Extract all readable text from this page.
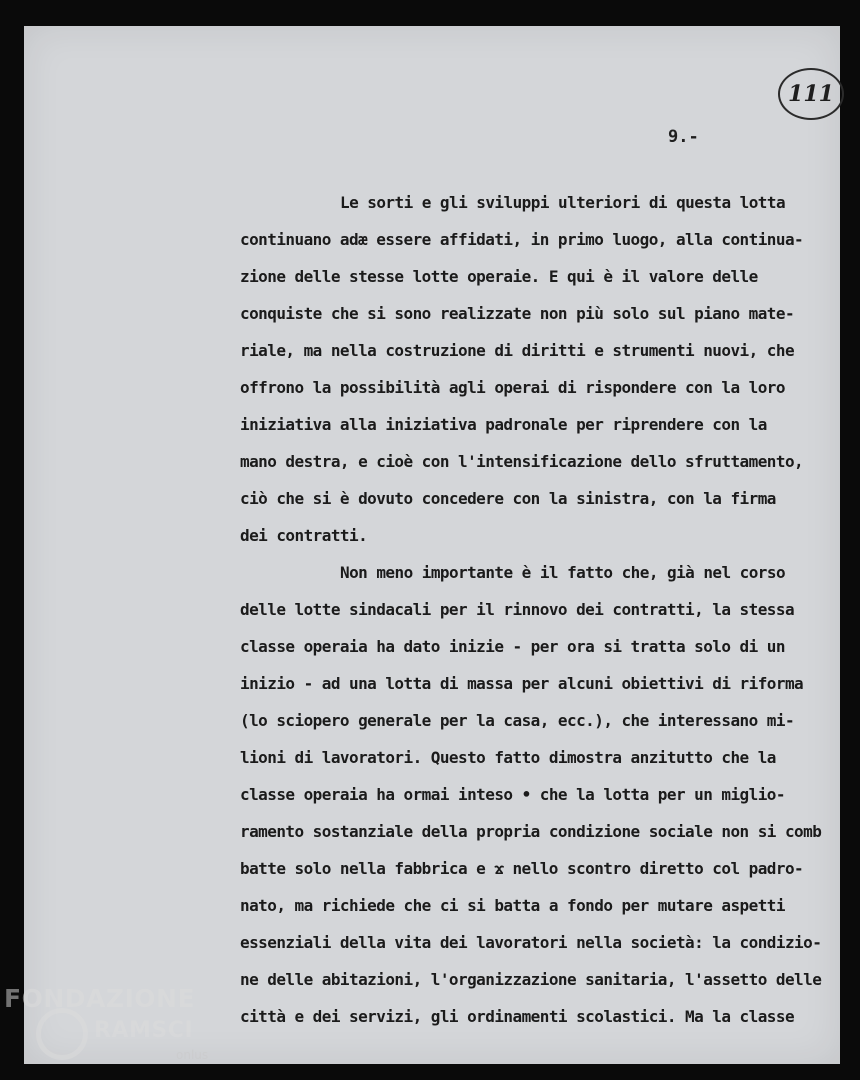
111
9.-
Le sorti e gli sviluppi ulteriori di questa lotta
continuano adæ essere affidati, in primo luogo, alla continua-
zione delle stesse lotte operaie. E qui è il valore delle
conquiste che si sono realizzate non più solo sul piano mate-
riale, ma nella costruzione di diritti e strumenti nuovi, che
offrono la possibilità agli operai di rispondere con la loro
iniziativa alla iniziativa padronale per riprendere con la
mano destra, e cioè con l'intensificazione dello sfruttamento,
ciò che si è dovuto concedere con la sinistra, con la firma
dei contratti.
Non meno importante è il fatto che, già nel corso
delle lotte sindacali per il rinnovo dei contratti, la stessa
classe operaia ha dato inizie - per ora si tratta solo di un
inizio - ad una lotta di massa per alcuni obiettivi di riforma
(lo sciopero generale per la casa, ecc.), che interessano mi-
lioni di lavoratori. Questo fatto dimostra anzitutto che la
classe operaia ha ormai inteso • che la lotta per un miglio-
ramento sostanziale della propria condizione sociale non si comb
batte solo nella fabbrica e ϫ nello scontro diretto col padro-
nato, ma richiede che ci si batta a fondo per mutare aspetti
essenziali della vita dei lavoratori nella società: la condizio-
ne delle abitazioni, l'organizzazione sanitaria, l'assetto delle
città e dei servizi, gli ordinamenti scolastici. Ma la classe
FONDAZIONE
RAMSCI
onlus
